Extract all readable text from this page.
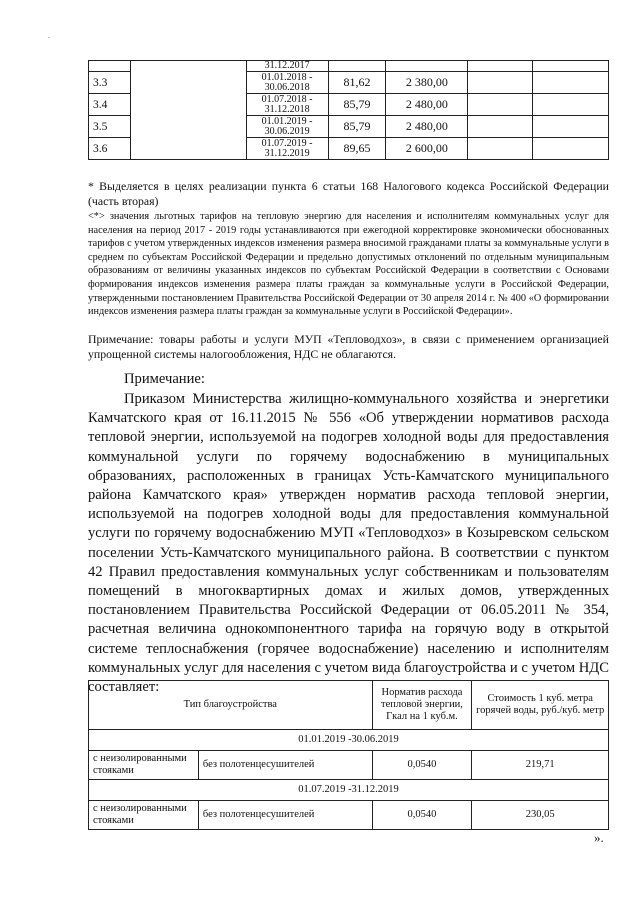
.
		31.12.2017				
3.3		01.01.2018 - 30.06.2018	81,62	2 380,00		
3.4		01.07.2018 - 31.12.2018	85,79	2 480,00		
3.5		01.01.2019 - 30.06.2019	85,79	2 480,00		
3.6		01.07.2019 - 31.12.2019	89,65	2 600,00		
* Выделяется в целях реализации пункта 6 статьи 168 Налогового кодекса Российской Федерации (часть вторая)
<*> значения льготных тарифов на тепловую энергию для населения и исполнителям коммунальных услуг для населения на период 2017 - 2019 годы устанавливаются при ежегодной корректировке экономически обоснованных тарифов с учетом утвержденных индексов изменения размера вносимой гражданами платы за коммунальные услуги в среднем по субъектам Российской Федерации и предельно допустимых отклонений по отдельным муниципальным образованиям от величины указанных индексов по субъектам Российской Федерации в соответствии с Основами формирования индексов изменения размера платы граждан за коммунальные услуги в Российской Федерации, утвержденными постановлением Правительства Российской Федерации от 30 апреля 2014 г. № 400 «О формировании индексов изменения размера платы граждан за коммунальные услуги в Российской Федерации».
Примечание: товары работы и услуги МУП «Тепловодхоз», в связи с применением организацией упрощенной системы налогообложения, НДС не облагаются.
Примечание:
Приказом Министерства жилищно-коммунального хозяйства и энергетики Камчатского края от 16.11.2015 № 556 «Об утверждении нормативов расхода тепловой энергии, используемой на подогрев холодной воды для предоставления коммунальной услуги по горячему водоснабжению в муниципальных образованиях, расположенных в границах Усть-Камчатского муниципального района Камчатского края» утвержден норматив расхода тепловой энергии, используемой на подогрев холодной воды для предоставления коммунальной услуги по горячему водоснабжению МУП «Тепловодхоз» в Козыревском сельском поселении Усть-Камчатского муниципального района. В соответствии с пунктом 42 Правил предоставления коммунальных услуг собственникам и пользователям помещений в многоквартирных домах и жилых домов, утвержденных постановлением Правительства Российской Федерации от 06.05.2011 № 354, расчетная величина однокомпонентного тарифа на горячую воду в открытой системе теплоснабжения (горячее водоснабжение) населению и исполнителям коммунальных услуг для населения с учетом вида благоустройства и с учетом НДС составляет:
Тип благоустройства		Норматив расхода тепловой энергии, Гкал на 1 куб.м.	Стоимость 1 куб. метра горячей воды, руб./куб. метр
01.01.2019 -30.06.2019			
с неизолированными стояками	без полотенцесушителей	0,0540	219,71
01.07.2019 -31.12.2019			
с неизолированными стояками	без полотенцесушителей	0,0540	230,05
».
